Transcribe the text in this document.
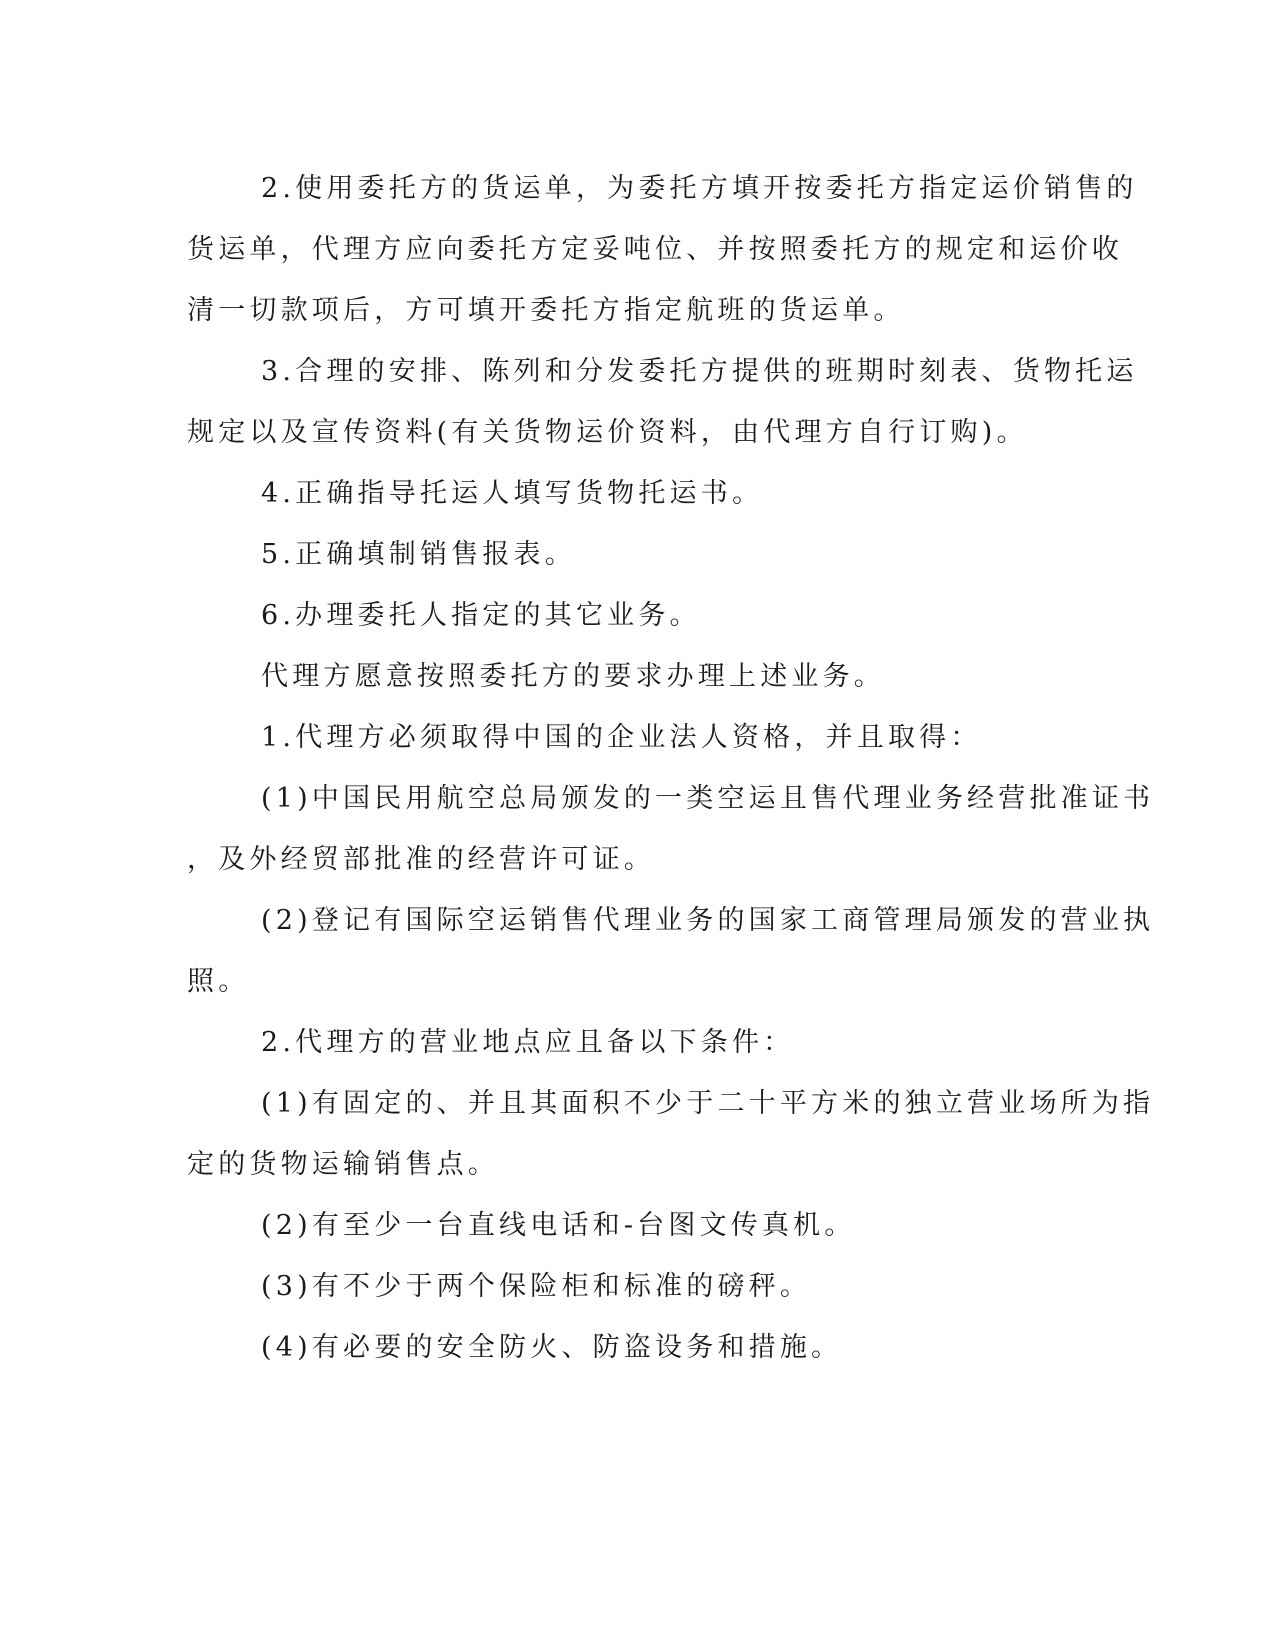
2.使用委托方的货运单，为委托方填开按委托方指定运价销售的
货运单，代理方应向委托方定妥吨位、并按照委托方的规定和运价收
清一切款项后，方可填开委托方指定航班的货运单。

3.合理的安排、陈列和分发委托方提供的班期时刻表、货物托运
规定以及宣传资料(有关货物运价资料，由代理方自行订购)。

4.正确指导托运人填写货物托运书。

5.正确填制销售报表。

6.办理委托人指定的其它业务。

代理方愿意按照委托方的要求办理上述业务。

1.代理方必须取得中国的企业法人资格，并且取得：

(1)中国民用航空总局颁发的一类空运且售代理业务经营批准证书
，及外经贸部批准的经营许可证。

(2)登记有国际空运销售代理业务的国家工商管理局颁发的营业执
照。

2.代理方的营业地点应且备以下条件：

(1)有固定的、并且其面积不少于二十平方米的独立营业场所为指
定的货物运输销售点。

(2)有至少一台直线电话和-台图文传真机。

(3)有不少于两个保险柜和标准的磅秤。

(4)有必要的安全防火、防盗设务和措施。
